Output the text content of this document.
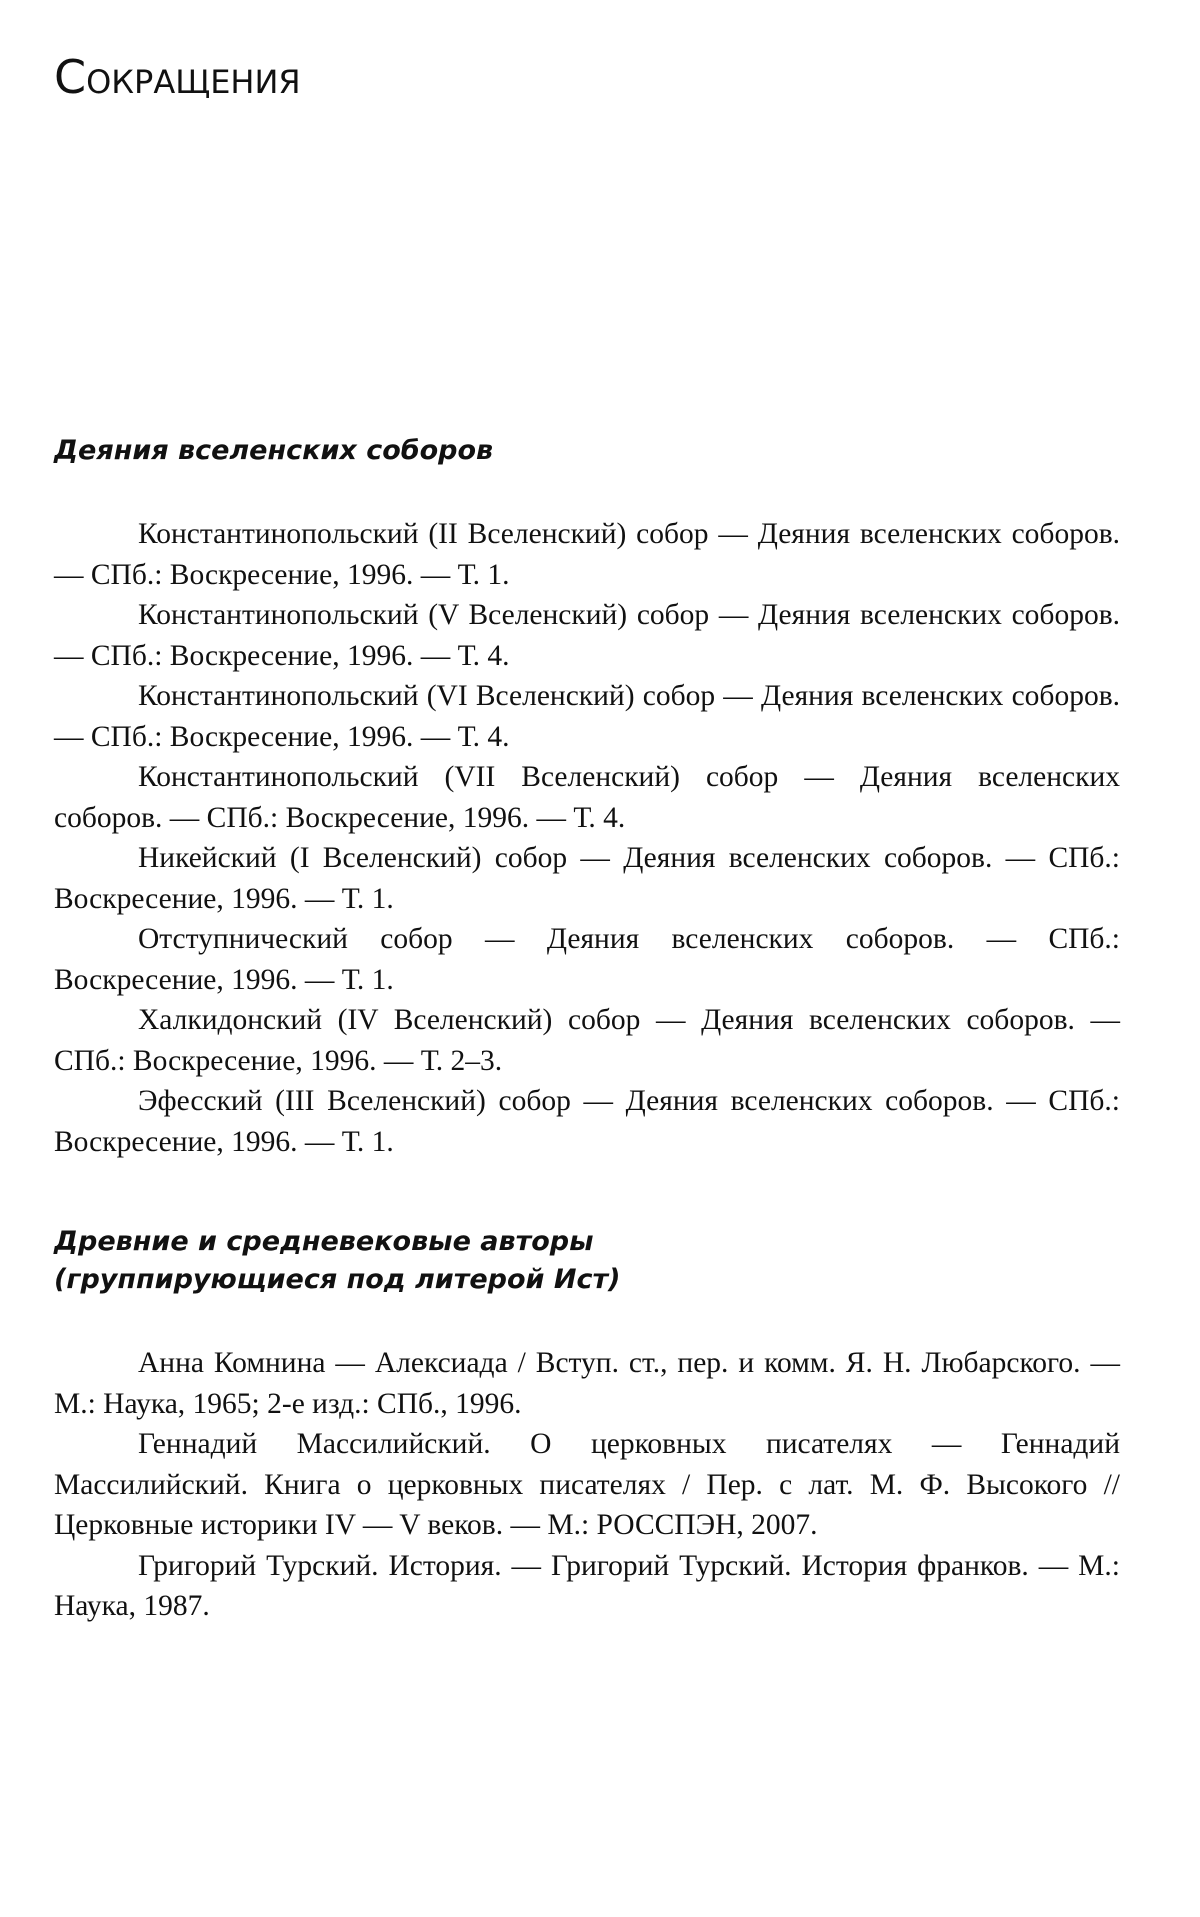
Сокращения
Деяния вселенских соборов

Константинопольский (II Вселенский) собор — Деяния вселенских соборов. — СПб.: Воскресение, 1996. — Т. 1.

Константинопольский (V Вселенский) собор — Деяния вселенских соборов. — СПб.: Воскресение, 1996. — Т. 4.

Константинопольский (VI Вселенский) собор — Деяния вселенских соборов. — СПб.: Воскресение, 1996. — Т. 4.

Константинопольский (VII Вселенский) собор — Деяния вселенских соборов. — СПб.: Воскресение, 1996. — Т. 4.

Никейский (I Вселенский) собор — Деяния вселенских соборов. — СПб.: Воскресение, 1996. — Т. 1.

Отступнический собор — Деяния вселенских соборов. — СПб.: Воскресение, 1996. — Т. 1.

Халкидонский (IV Вселенский) собор — Деяния вселенских соборов. — СПб.: Воскресение, 1996. — Т. 2–3.

Эфесский (III Вселенский) собор — Деяния вселенских соборов. — СПб.: Воскресение, 1996. — Т. 1.

Древние и средневековые авторы
(группирующиеся под литерой Ист)

Анна Комнина — Алексиада / Вступ. ст., пер. и комм. Я. Н. Любарского. — М.: Наука, 1965; 2-е изд.: СПб., 1996.

Геннадий Массилийский. О церковных писателях — Геннадий Массилийский. Книга о церковных писателях / Пер. с лат. М. Ф. Высокого // Церковные историки IV — V веков. — М.: РОССПЭН, 2007.

Григорий Турский. История. — Григорий Турский. История франков. — М.: Наука, 1987.
